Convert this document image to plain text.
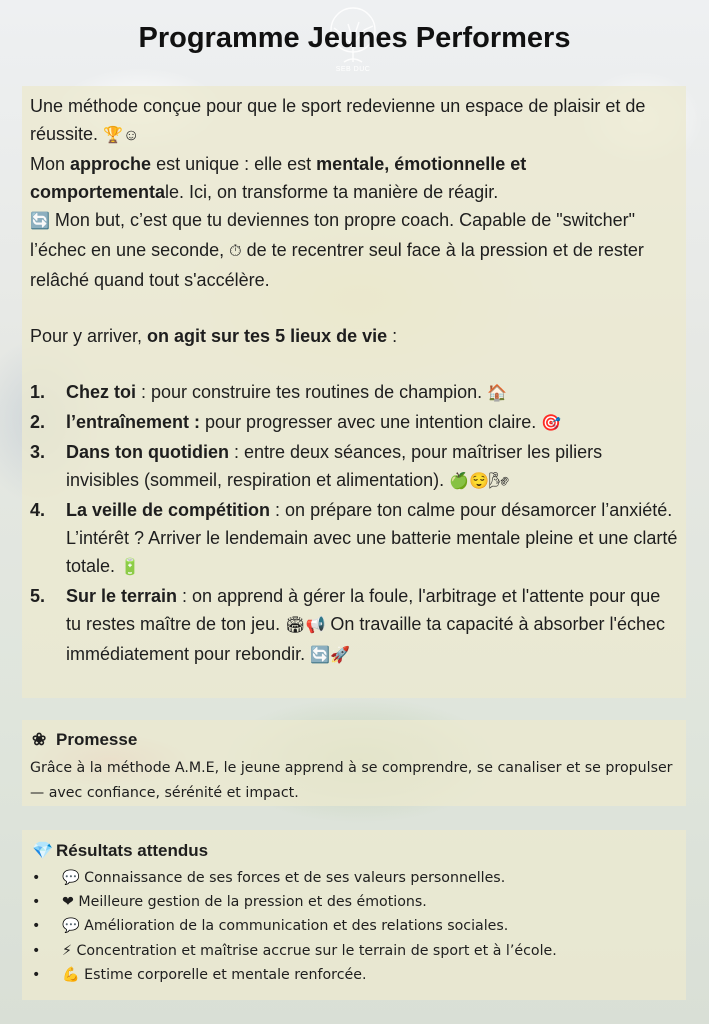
SEB DUC
Programme Jeunes Performers

Une méthode conçue pour que le sport redevienne un espace de plaisir et de réussite. 🏆☺
Mon approche est unique : elle est mentale, émotionnelle et comportementale. Ici, on transforme ta manière de réagir.
🔄 Mon but, c’est que tu deviennes ton propre coach. Capable de "switcher" l’échec en une seconde, ⏱ de te recentrer seul face à la pression et de rester relâché quand tout s'accélère.

Pour y arriver, on agit sur tes 5 lieux de vie :

1. Chez toi : pour construire tes routines de champion. 🏠
2. l’entraînement : pour progresser avec une intention claire. 🎯
3. Dans ton quotidien : entre deux séances, pour maîtriser les piliers invisibles (sommeil, respiration et alimentation). 🍏😌🌬
4. La veille de compétition : on prépare ton calme pour désamorcer l’anxiété. L’intérêt ? Arriver le lendemain avec une batterie mentale pleine et une clarté totale. 🔋
5. Sur le terrain : on apprend à gérer la foule, l'arbitrage et l'attente pour que tu restes maître de ton jeu. 🏟📢 On travaille ta capacité à absorber l'échec immédiatement pour rebondir. 🔄🚀
❀ Promesse
Grâce à la méthode A.M.E, le jeune apprend à se comprendre, se canaliser et se propulser — avec confiance, sérénité et impact.
💎 Résultats attendus
• 💬 Connaissance de ses forces et de ses valeurs personnelles.
• ❤ Meilleure gestion de la pression et des émotions.
• 💬 Amélioration de la communication et des relations sociales.
• ⚡ Concentration et maîtrise accrue sur le terrain de sport et à l’école.
• 💪 Estime corporelle et mentale renforcée.
